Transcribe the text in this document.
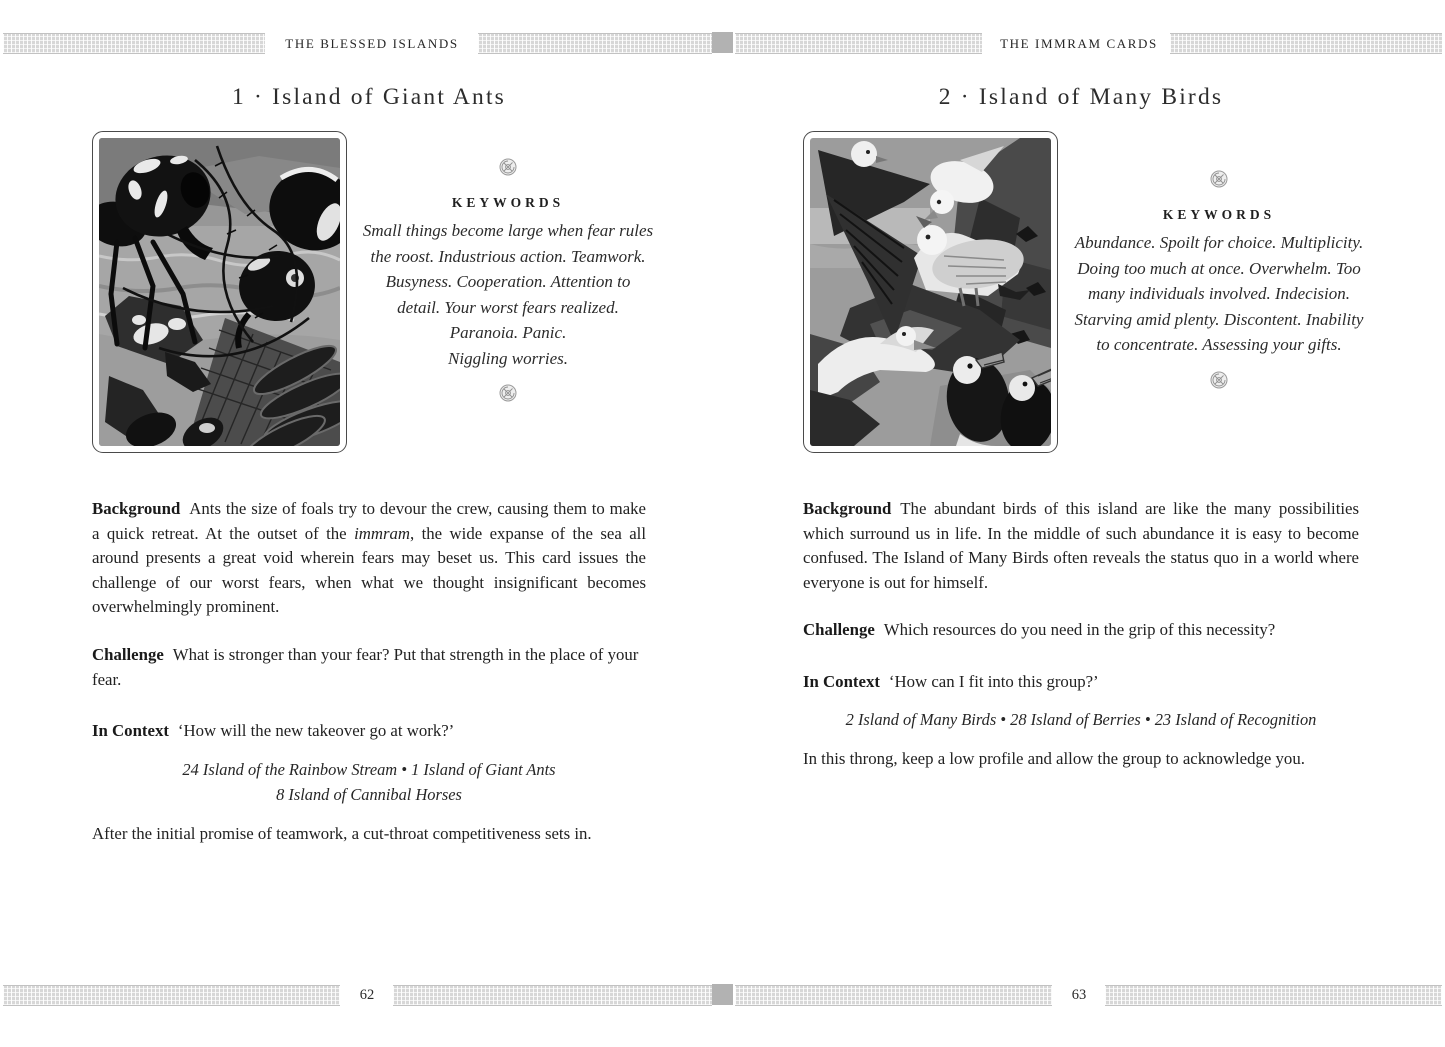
THE BLESSED ISLANDS	THE IMMRAM CARDS
1 · Island of Giant Ants
KEYWORDS
Small things become large when fear rules
the roost. Industrious action. Teamwork.
Busyness. Cooperation. Attention to
detail. Your worst fears realized.
Paranoia. Panic.
Niggling worries.

Background Ants the size of foals try to devour the crew, causing them to make a quick retreat. At the outset of the immram, the wide expanse of the sea all around presents a great void wherein fears may beset us. This card issues the challenge of our worst fears, when what we thought insignificant becomes overwhelmingly prominent.

Challenge What is stronger than your fear? Put that strength in the place of your fear.

In Context ‘How will the new takeover go at work?’

24 Island of the Rainbow Stream • 1 Island of Giant Ants
8 Island of Cannibal Horses

After the initial promise of teamwork, a cut-throat competitiveness sets in.

2 · Island of Many Birds
KEYWORDS
Abundance. Spoilt for choice. Multiplicity.
Doing too much at once. Overwhelm. Too
many individuals involved. Indecision.
Starving amid plenty. Discontent. Inability
to concentrate. Assessing your gifts.

Background The abundant birds of this island are like the many possibilities which surround us in life. In the middle of such abundance it is easy to become confused. The Island of Many Birds often reveals the status quo in a world where everyone is out for himself.

Challenge Which resources do you need in the grip of this necessity?

In Context ‘How can I fit into this group?’

2 Island of Many Birds • 28 Island of Berries • 23 Island of Recognition

In this throng, keep a low profile and allow the group to acknowledge you.

62	63
